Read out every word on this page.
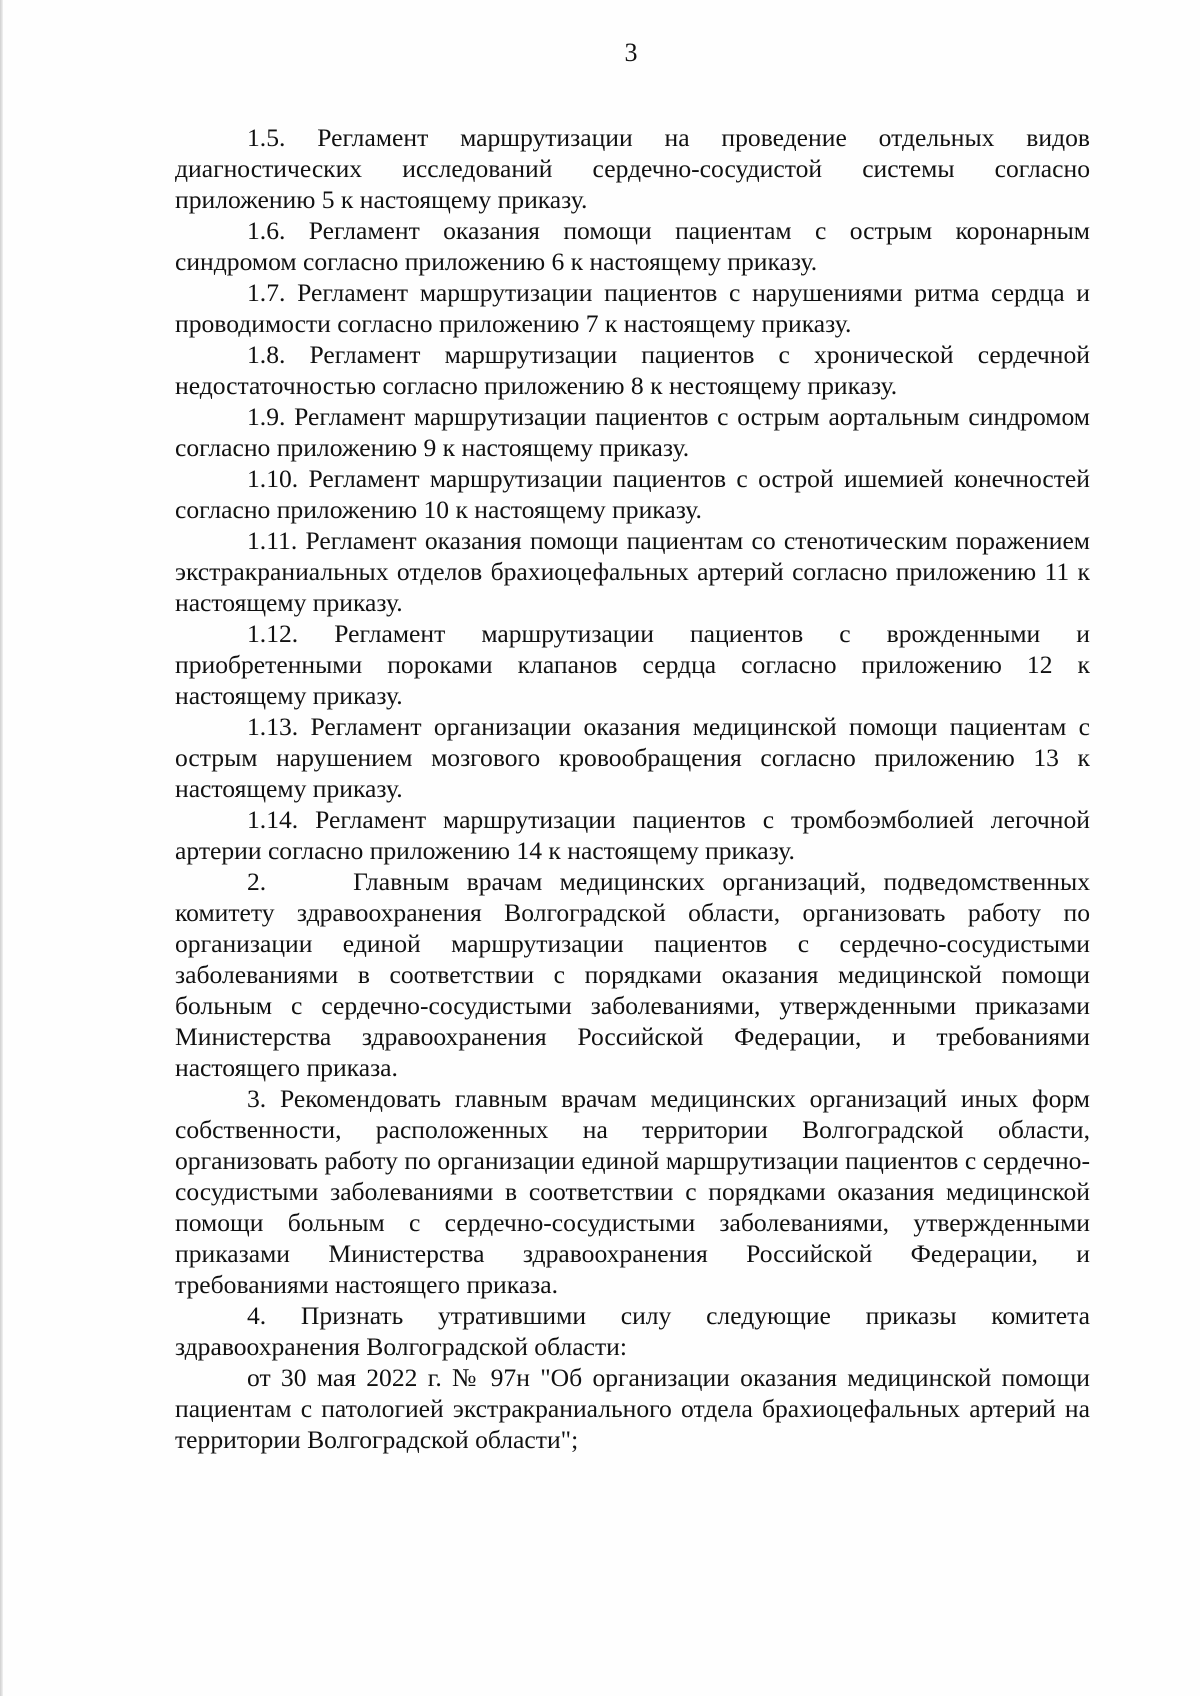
3

1.5. Регламент маршрутизации на проведение отдельных видов диагностических исследований сердечно-сосудистой системы согласно приложению 5 к настоящему приказу.

1.6. Регламент оказания помощи пациентам с острым коронарным синдромом согласно приложению 6 к настоящему приказу.

1.7. Регламент маршрутизации пациентов с нарушениями ритма сердца и проводимости согласно приложению 7 к настоящему приказу.

1.8. Регламент маршрутизации пациентов с хронической сердечной недостаточностью согласно приложению 8 к нестоящему приказу.

1.9. Регламент маршрутизации пациентов с острым аортальным синдромом согласно приложению 9 к настоящему приказу.

1.10. Регламент маршрутизации пациентов с острой ишемией конечностей согласно приложению 10 к настоящему приказу.

1.11. Регламент оказания помощи пациентам со стенотическим поражением экстракраниальных отделов брахиоцефальных артерий согласно приложению 11 к настоящему приказу.

1.12. Регламент маршрутизации пациентов с врожденными и приобретенными пороками клапанов сердца согласно приложению 12 к настоящему приказу.

1.13. Регламент организации оказания медицинской помощи пациентам с острым нарушением мозгового кровообращения согласно приложению 13 к настоящему приказу.

1.14. Регламент маршрутизации пациентов с тромбоэмболией легочной артерии согласно приложению 14 к настоящему приказу.

2.     Главным врачам медицинских организаций, подведомственных комитету здравоохранения Волгоградской области, организовать работу по организации единой маршрутизации пациентов с сердечно-сосудистыми заболеваниями в соответствии с порядками оказания медицинской помощи больным с сердечно-сосудистыми заболеваниями, утвержденными приказами Министерства здравоохранения Российской Федерации, и требованиями настоящего приказа.

3. Рекомендовать главным врачам медицинских организаций иных форм собственности, расположенных на территории Волгоградской области, организовать работу по организации единой маршрутизации пациентов с сердечно-сосудистыми заболеваниями в соответствии с порядками оказания медицинской помощи больным с сердечно-сосудистыми заболеваниями, утвержденными приказами Министерства здравоохранения Российской Федерации, и требованиями настоящего приказа.

4. Признать утратившими силу следующие приказы комитета здравоохранения Волгоградской области:

от 30 мая 2022 г. № 97н "Об организации оказания медицинской помощи пациентам с патологией экстракраниального отдела брахиоцефальных артерий на территории Волгоградской области";
